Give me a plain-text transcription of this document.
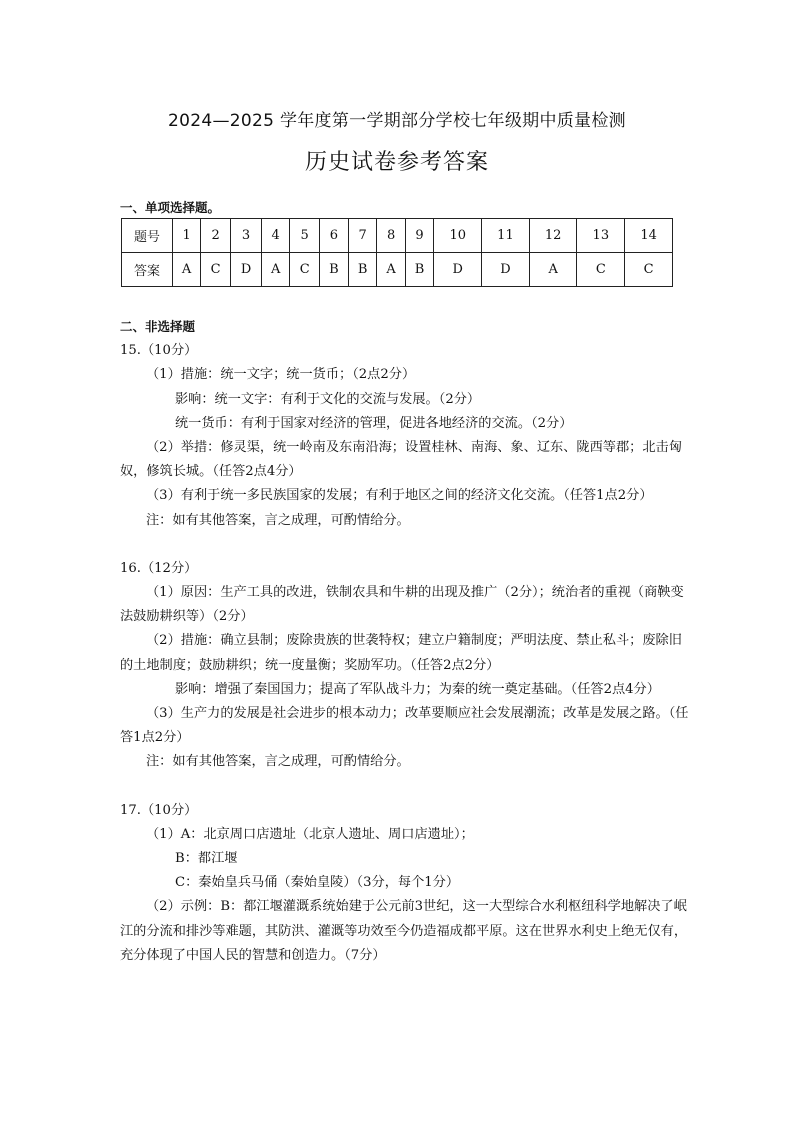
2024—2025 学年度第一学期部分学校七年级期中质量检测
历史试卷参考答案
一、单项选择题。
题号	1	2	3	4	5	6	7	8	9	10	11	12	13	14
答案	A	C	D	A	C	B	B	A	B	D	D	A	C	C
二、非选择题
15.（10分）
（1）措施：统一文字；统一货币；（2点2分）
影响：统一文字：有利于文化的交流与发展。（2分）
统一货币：有利于国家对经济的管理，促进各地经济的交流。（2分）
（2）举措：修灵渠，统一岭南及东南沿海；设置桂林、南海、象、辽东、陇西等郡；北击匈奴，修筑长城。（任答2点4分）
（3）有利于统一多民族国家的发展；有利于地区之间的经济文化交流。（任答1点2分）
注：如有其他答案，言之成理，可酌情给分。
16.（12分）
（1）原因：生产工具的改进，铁制农具和牛耕的出现及推广（2分）；统治者的重视（商鞅变法鼓励耕织等）（2分）
（2）措施：确立县制；废除贵族的世袭特权；建立户籍制度；严明法度、禁止私斗；废除旧的土地制度；鼓励耕织；统一度量衡；奖励军功。（任答2点2分）
影响：增强了秦国国力；提高了军队战斗力；为秦的统一奠定基础。（任答2点4分）
（3）生产力的发展是社会进步的根本动力；改革要顺应社会发展潮流；改革是发展之路。（任答1点2分）
注：如有其他答案，言之成理，可酌情给分。
17.（10分）
（1）A：北京周口店遗址（北京人遗址、周口店遗址）；
B：都江堰
C：秦始皇兵马俑（秦始皇陵）（3分，每个1分）
（2）示例：B：都江堰灌溉系统始建于公元前3世纪，这一大型综合水利枢纽科学地解决了岷江的分流和排沙等难题，其防洪、灌溉等功效至今仍造福成都平原。这在世界水利史上绝无仅有，充分体现了中国人民的智慧和创造力。（7分）
